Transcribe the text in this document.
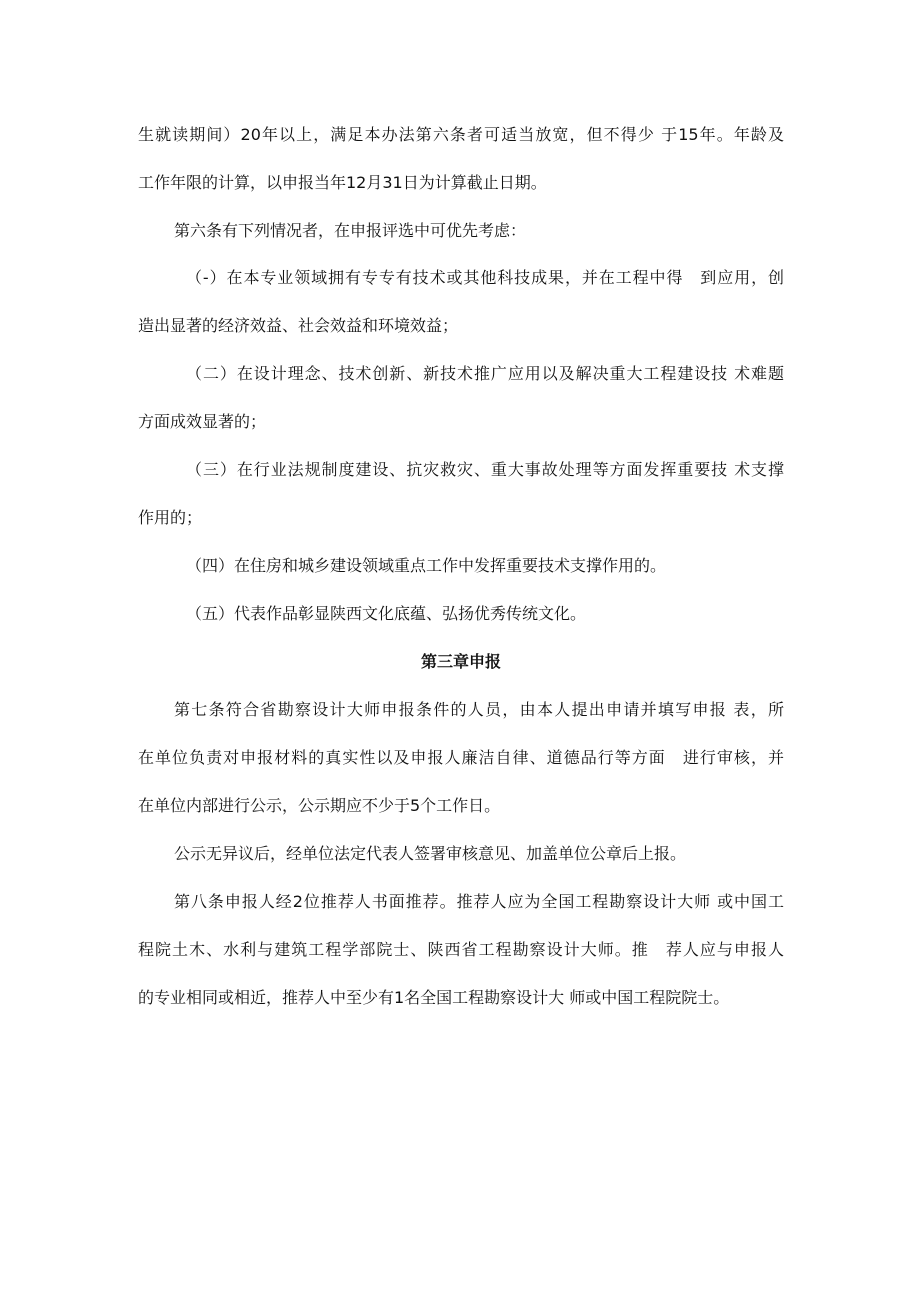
生就读期间）20年以上，满足本办法第六条者可适当放宽，但不得少 于15年。年龄及
工作年限的计算，以申报当年12月31日为计算截止日期。
第六条有下列情况者，在申报评选中可优先考虑：
（-）在本专业领域拥有专专有技术或其他科技成果，并在工程中得　到应用，创
造出显著的经济效益、社会效益和环境效益；
（二）在设计理念、技术创新、新技术推广应用以及解决重大工程建设技 术难题
方面成效显著的；
（三）在行业法规制度建设、抗灾救灾、重大事故处理等方面发挥重要技 术支撑
作用的；
（四）在住房和城乡建设领域重点工作中发挥重要技术支撑作用的。
（五）代表作品彰显陕西文化底蕴、弘扬优秀传统文化。
第三章申报
第七条符合省勘察设计大师申报条件的人员，由本人提出申请并填写申报 表，所
在单位负责对申报材料的真实性以及申报人廉洁自律、道德品行等方面　进行审核，并
在单位内部进行公示，公示期应不少于5个工作日。
公示无异议后，经单位法定代表人签署审核意见、加盖单位公章后上报。
第八条申报人经2位推荐人书面推荐。推荐人应为全国工程勘察设计大师 或中国工
程院土木、水利与建筑工程学部院士、陕西省工程勘察设计大师。推　荐人应与申报人
的专业相同或相近，推荐人中至少有1名全国工程勘察设计大 师或中国工程院院士。
